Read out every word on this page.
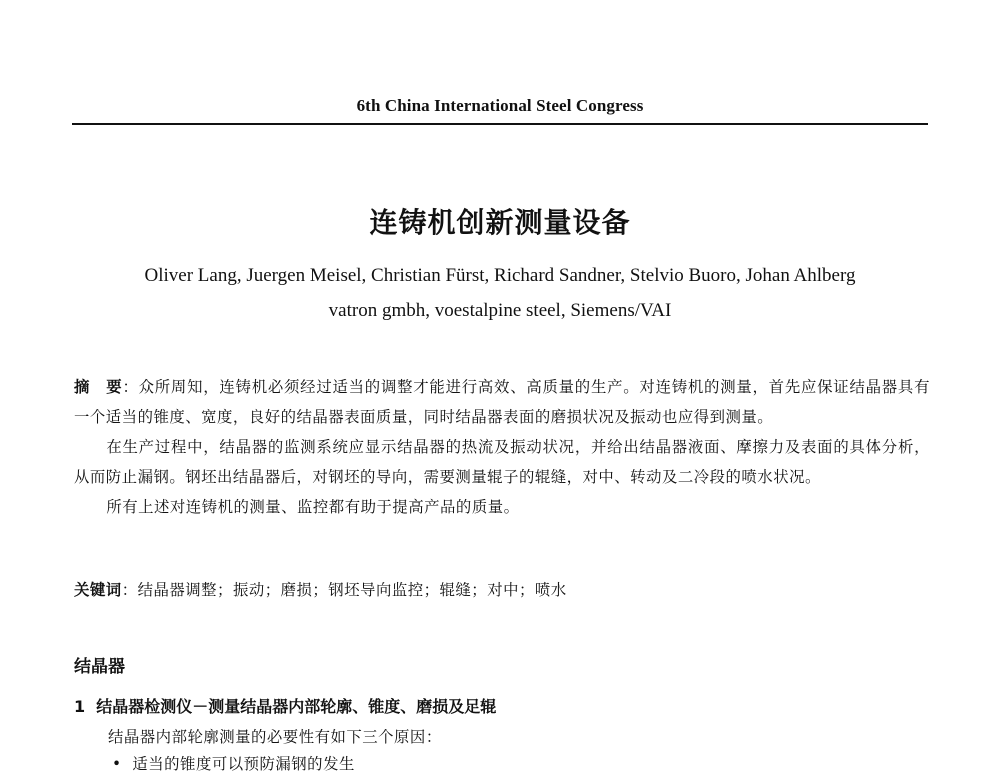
6th China International Steel Congress
连铸机创新测量设备
Oliver Lang, Juergen Meisel, Christian Fürst, Richard Sandner, Stelvio Buoro, Johan Ahlberg
vatron gmbh, voestalpine steel, Siemens/VAI

摘　要：众所周知，连铸机必须经过适当的调整才能进行高效、高质量的生产。对连铸机的测量，首先应保证结晶器具有一个适当的锥度、宽度，良好的结晶器表面质量，同时结晶器表面的磨损状况及振动也应得到测量。

在生产过程中，结晶器的监测系统应显示结晶器的热流及振动状况，并给出结晶器液面、摩擦力及表面的具体分析，从而防止漏钢。钢坯出结晶器后，对钢坯的导向，需要测量辊子的辊缝，对中、转动及二冷段的喷水状况。

所有上述对连铸机的测量、监控都有助于提高产品的质量。

关键词：结晶器调整；振动；磨损；钢坯导向监控；辊缝；对中；喷水
结晶器
1 结晶器检测仪－测量结晶器内部轮廓、锥度、磨损及足辊
结晶器内部轮廓测量的必要性有如下三个原因：
• 适当的锥度可以预防漏钢的发生
